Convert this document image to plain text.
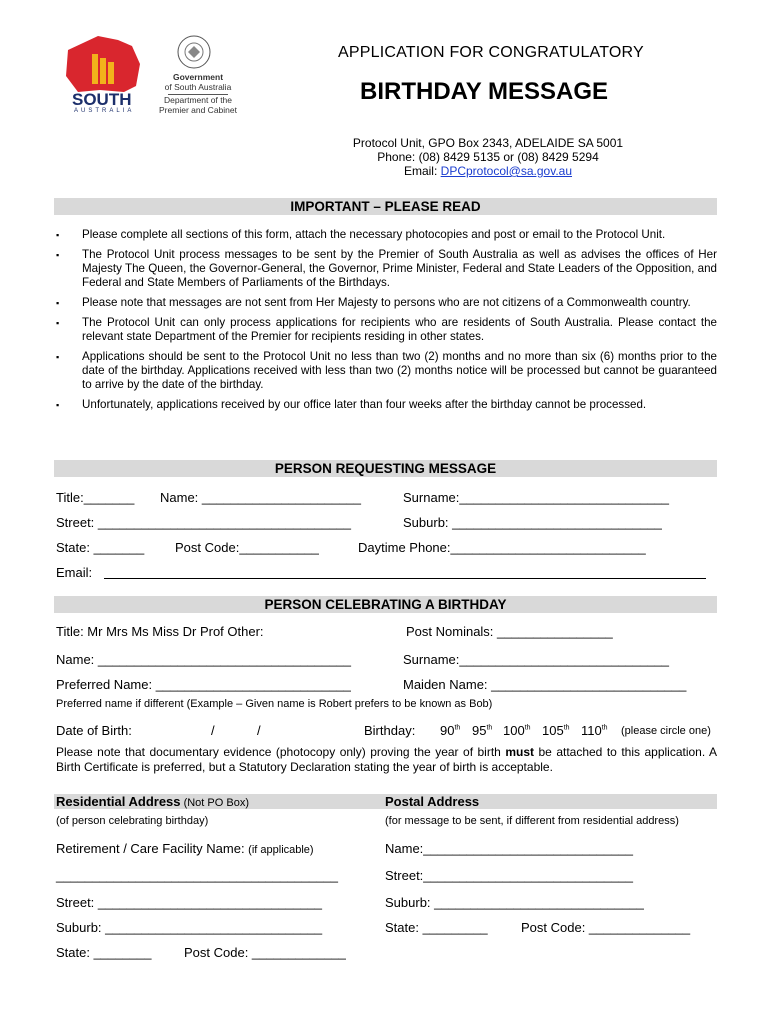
SOUTH
AUSTRALIA
Government
of South Australia
Department of the
Premier and Cabinet
APPLICATION FOR CONGRATULATORY
BIRTHDAY MESSAGE
Protocol Unit, GPO Box 2343, ADELAIDE SA 5001
Phone: (08) 8429 5135 or (08) 8429 5294
Email: DPCprotocol@sa.gov.au
IMPORTANT – PLEASE READ
▪ Please complete all sections of this form, attach the necessary photocopies and post or email to the Protocol Unit.
▪ The Protocol Unit process messages to be sent by the Premier of South Australia as well as advises the offices of Her Majesty The Queen, the Governor-General, the Governor, Prime Minister, Federal and State Leaders of the Opposition, and Federal and State Members of Parliaments of the Birthdays.
▪ Please note that messages are not sent from Her Majesty to persons who are not citizens of a Commonwealth country.
▪ The Protocol Unit can only process applications for recipients who are residents of South Australia. Please contact the relevant state Department of the Premier for recipients residing in other states.
▪ Applications should be sent to the Protocol Unit no less than two (2) months and no more than six (6) months prior to the date of the birthday. Applications received with less than two (2) months notice will be processed but cannot be guaranteed to arrive by the date of the birthday.
▪ Unfortunately, applications received by our office later than four weeks after the birthday cannot be processed.
PERSON REQUESTING MESSAGE
Title:_______ Name: ______________________	Surname:_____________________________
Street: ___________________________________	Suburb: _____________________________
State: _______ Post Code:___________	Daytime Phone:___________________________
Email:
PERSON CELEBRATING A BIRTHDAY
Title: Mr Mrs Ms Miss Dr Prof Other:	Post Nominals: ________________
Name: ___________________________________	Surname:_____________________________
Preferred Name: ___________________________	Maiden Name: ___________________________
Preferred name if different (Example – Given name is Robert prefers to be known as Bob)
Date of Birth:	/	/	Birthday: 90th 95th 100th 105th 110th (please circle one)
Please note that documentary evidence (photocopy only) proving the year of birth must be attached to this application. A Birth Certificate is preferred, but a Statutory Declaration stating the year of birth is acceptable.
Residential Address (Not PO Box)	Postal Address
(of person celebrating birthday)	(for message to be sent, if different from residential address)
Retirement / Care Facility Name: (if applicable)	Name:_____________________________
_______________________________________	Street:_____________________________
Street: _______________________________	Suburb: _____________________________
Suburb: ______________________________	State: _________	Post Code: ______________
State: ________	Post Code: _____________
